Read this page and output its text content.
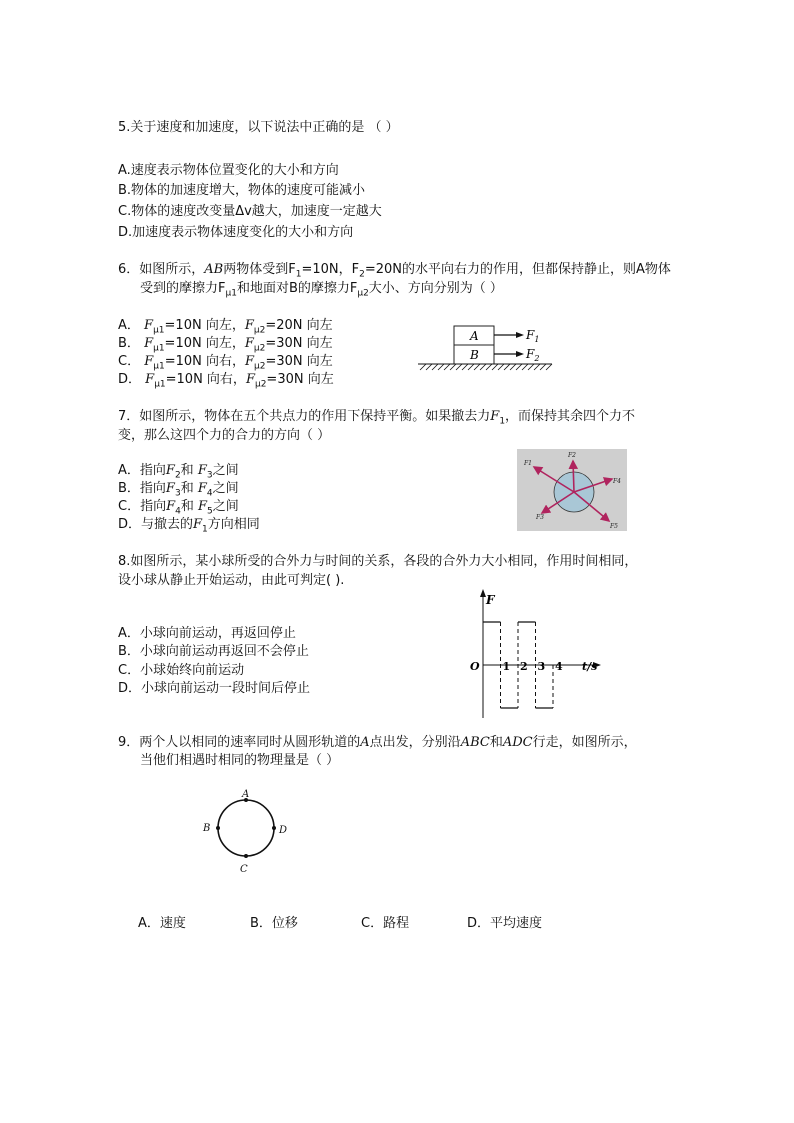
5.关于速度和加速度，以下说法中正确的是 （ ）
A.速度表示物体位置变化的大小和方向
B.物体的加速度增大，物体的速度可能减小
C.物体的速度改变量Δv越大，加速度一定越大
D.加速度表示物体速度变化的大小和方向
6．如图所示，AB两物体受到$F_1=10N$，$F_2=20N$的水平向右力的作用，但都保持静止，则A物体
受到的摩擦力$F_{\mu 1}$和地面对B的摩擦力$F_{\mu 2}$大小、方向分别为（ ）
A． $F_{\mu 1}=10N$ 向左，$F_{\mu 2}=20N$ 向左
B． $F_{\mu 1}=10N$ 向左，$F_{\mu 2}=30N$ 向左
C． $F_{\mu 1}=10N$ 向右，$F_{\mu 2}=30N$ 向左
D． $F_{\mu 1}=10N$ 向右，$F_{\mu 2}=30N$ 向左
A
B
$F_1$
$F_2$
7．如图所示，物体在五个共点力的作用下保持平衡。如果撤去力$F_1$，而保持其余四个力不
变，那么这四个力的合力的方向（ ）
A．指向$F_2$和 $F_3$之间
B．指向$F_3$和 $F_4$之间
C．指向$F_4$和 $F_5$之间
D．与撤去的$F_1$方向相同
F1
F2
F4
F3
F5
8.如图所示，某小球所受的合外力与时间的关系，各段的合外力大小相同，作用时间相同，
设小球从静止开始运动，由此可判定( ).
A．小球向前运动，再返回停止
B．小球向前运动再返回不会停止
C．小球始终向前运动
D．小球向前运动一段时间后停止
F
O	t/s
1 2 3 4
9．两个人以相同的速率同时从圆形轨道的A点出发，分别沿ABC和ADC行走，如图所示，
当他们相遇时相同的物理量是（ ）
A
B
C
D
A．速度	B．位移	C．路程	D．平均速度
